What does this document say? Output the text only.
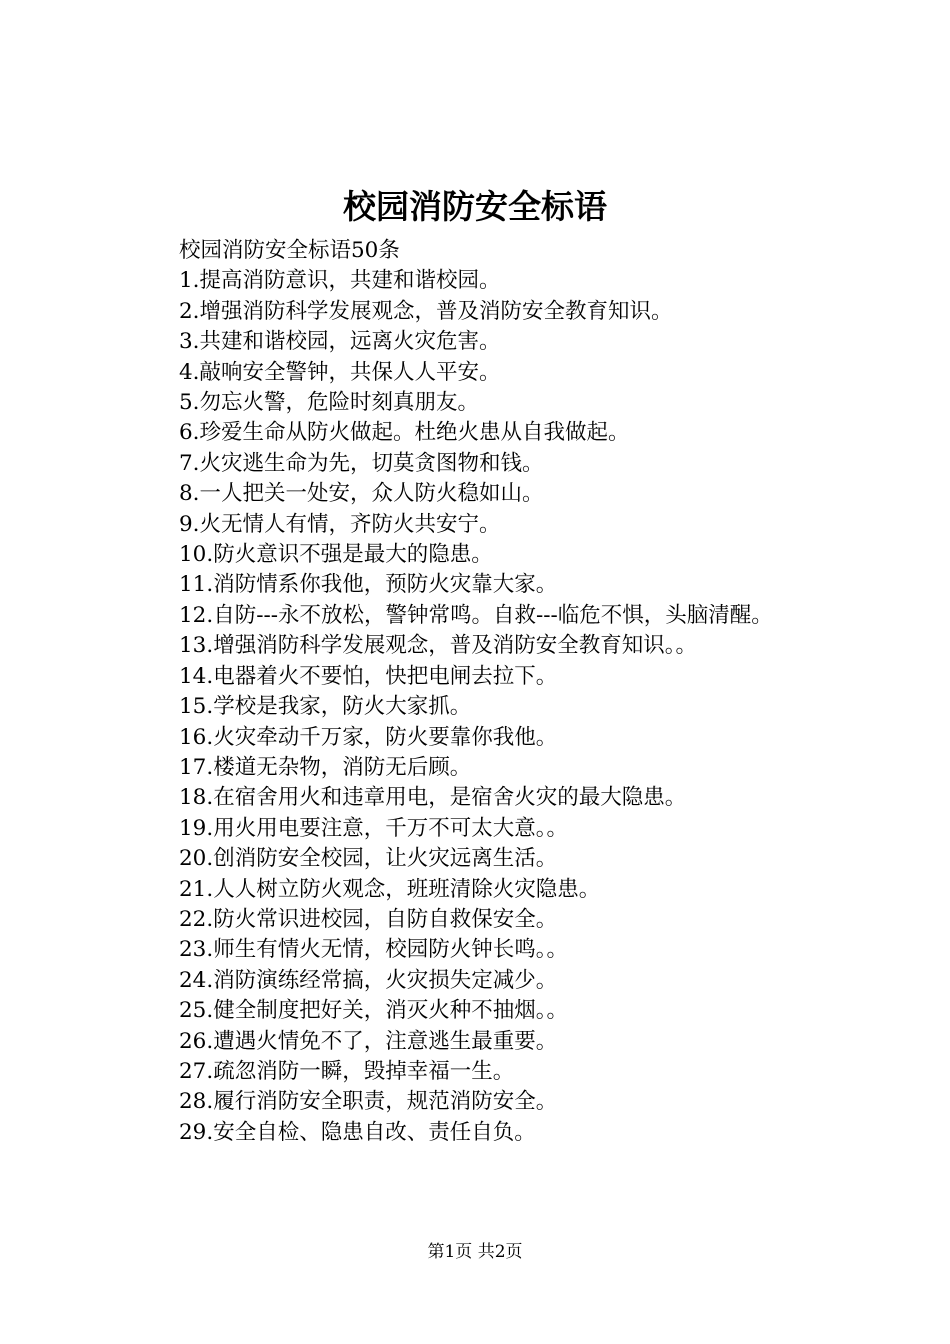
校园消防安全标语

校园消防安全标语50条

1.提高消防意识，共建和谐校园。

2.增强消防科学发展观念，普及消防安全教育知识。

3.共建和谐校园，远离火灾危害。

4.敲响安全警钟，共保人人平安。

5.勿忘火警，危险时刻真朋友。

6.珍爱生命从防火做起。杜绝火患从自我做起。

7.火灾逃生命为先，切莫贪图物和钱。

8.一人把关一处安，众人防火稳如山。

9.火无情人有情，齐防火共安宁。

10.防火意识不强是最大的隐患。

11.消防情系你我他，预防火灾靠大家。

12.自防---永不放松，警钟常鸣。自救---临危不惧，头脑清醒。

13.增强消防科学发展观念，普及消防安全教育知识。。

14.电器着火不要怕，快把电闸去拉下。

15.学校是我家，防火大家抓。

16.火灾牵动千万家，防火要靠你我他。

17.楼道无杂物，消防无后顾。

18.在宿舍用火和违章用电，是宿舍火灾的最大隐患。

19.用火用电要注意，千万不可太大意。。

20.创消防安全校园，让火灾远离生活。

21.人人树立防火观念，班班清除火灾隐患。

22.防火常识进校园，自防自救保安全。

23.师生有情火无情，校园防火钟长鸣。。

24.消防演练经常搞，火灾损失定减少。

25.健全制度把好关，消灭火种不抽烟。。

26.遭遇火情免不了，注意逃生最重要。

27.疏忽消防一瞬，毁掉幸福一生。

28.履行消防安全职责，规范消防安全。

29.安全自检、隐患自改、责任自负。

第1页 共2页
